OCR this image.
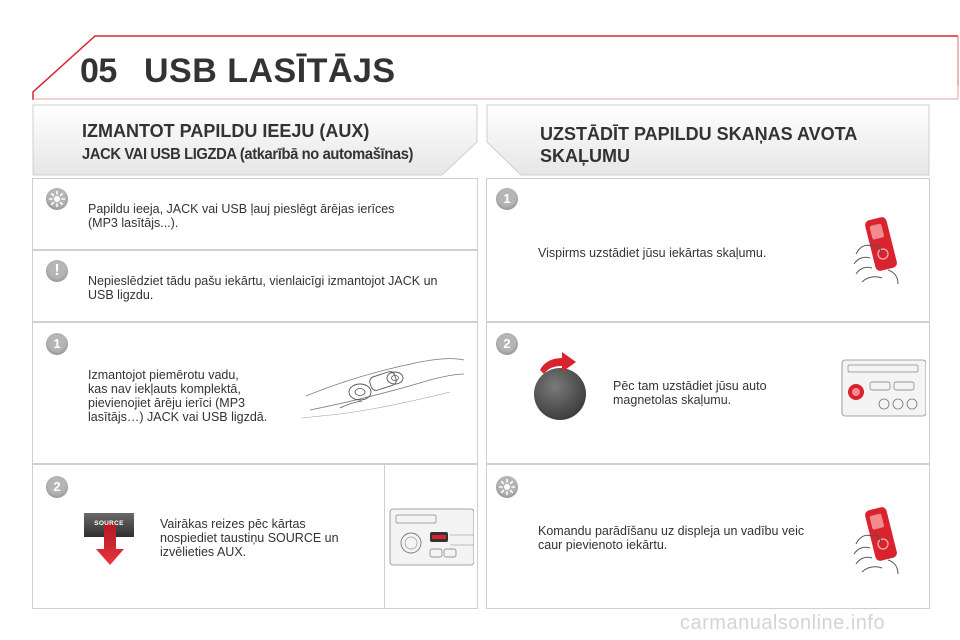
05 USB LASĪTĀJS
IZMANTOT PAPILDU IEEJU (AUX)
JACK VAI USB LIGZDA (atkarībā no automašīnas)
UZSTĀDĪT PAPILDU SKAŅAS AVOTA
SKAĻUMU
!
1
2
Papildu ieeja, JACK vai USB ļauj pieslēgt ārējas ierīces
(MP3 lasītājs...).
Nepieslēdziet tādu pašu iekārtu, vienlaicīgi izmantojot JACK un
USB ligzdu.
Izmantojot piemērotu vadu,
kas nav iekļauts komplektā,
pievienojiet ārēju ierīci (MP3
lasītājs…) JACK vai USB ligzdā.
Vairākas reizes pēc kārtas
nospiediet taustiņu SOURCE un
izvēlieties AUX.
SOURCE
1
2
Vispirms uzstādiet jūsu iekārtas skaļumu.
Pēc tam uzstādiet jūsu auto
magnetolas skaļumu.
Komandu parādīšanu uz displeja un vadību veic
caur pievienoto iekārtu.
carmanualsonline.info
